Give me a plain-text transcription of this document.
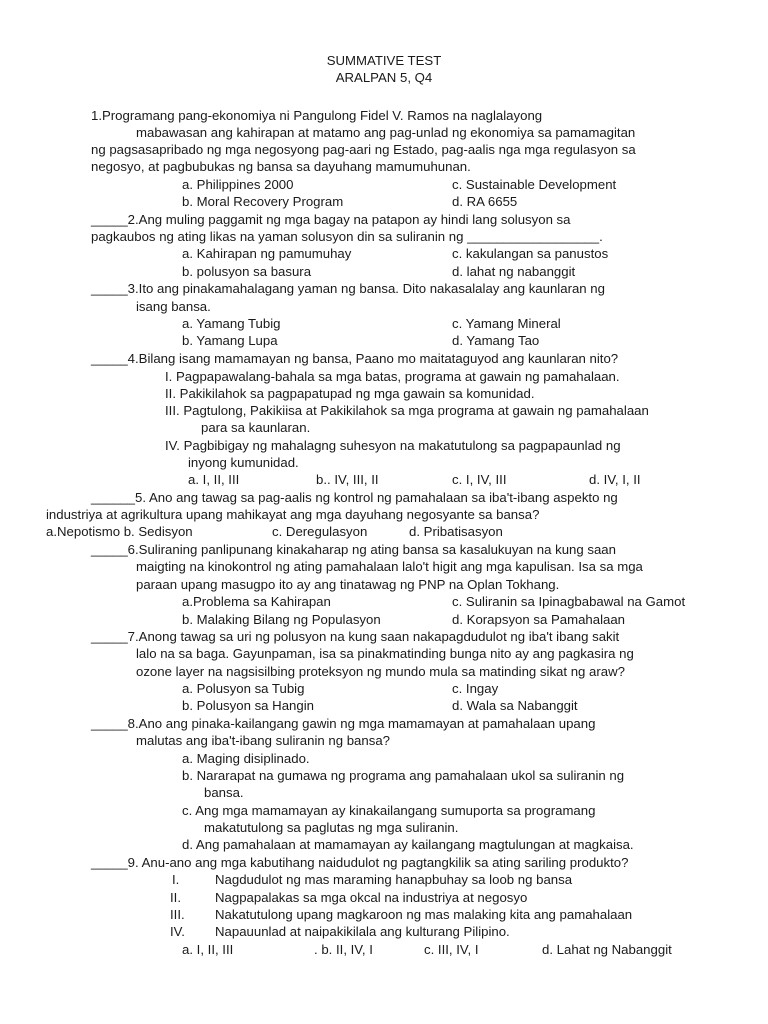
SUMMATIVE TEST
ARALPAN 5, Q4
1.Programang pang-ekonomiya ni Pangulong Fidel V. Ramos na naglalayong
mabawasan ang kahirapan at matamo ang pag-unlad ng ekonomiya sa pamamagitan
ng pagsasapribado ng mga negosyong pag-aari ng Estado, pag-aalis nga mga regulasyon sa
negosyo, at pagbubukas ng bansa sa dayuhang mamumuhunan.
a. Philippines 2000	c. Sustainable Development
b. Moral Recovery Program	d. RA 6655
_____2.Ang muling paggamit ng mga bagay na patapon ay hindi lang solusyon sa
pagkaubos ng ating likas na yaman solusyon din sa suliranin ng __________________.
a. Kahirapan ng pamumuhay	c. kakulangan sa panustos
b. polusyon sa basura	d. lahat ng nabanggit
_____3.Ito ang pinakamahalagang yaman ng bansa. Dito nakasalalay ang kaunlaran ng
isang bansa.
a. Yamang Tubig	c. Yamang Mineral
b. Yamang Lupa	d. Yamang Tao
_____4.Bilang isang mamamayan ng bansa, Paano mo maitataguyod ang kaunlaran nito?
I. Pagpapawalang-bahala sa mga batas, programa at gawain ng pamahalaan.
II. Pakikilahok sa pagpapatupad ng mga gawain sa komunidad.
III. Pagtulong, Pakikiisa at Pakikilahok sa mga programa at gawain ng pamahalaan
para sa kaunlaran.
IV. Pagbibigay ng mahalagng suhesyon na makatutulong sa pagpapaunlad ng
inyong kumunidad.
a. I, II, III	b.. IV, III, II	c. I, IV, III	d. IV, I, II
______5. Ano ang tawag sa pag-aalis ng kontrol ng pamahalaan sa iba't-ibang aspekto ng
industriya at agrikultura upang mahikayat ang mga dayuhang negosyante sa bansa?
a.Nepotismo b. Sedisyon	c. Deregulasyon	d. Pribatisasyon
_____6.Suliraning panlipunang kinakaharap ng ating bansa sa kasalukuyan na kung saan
maigting na kinokontrol ng ating pamahalaan lalo't higit ang mga kapulisan. Isa sa mga
paraan upang masugpo ito ay ang tinatawag ng PNP na Oplan Tokhang.
a.Problema sa Kahirapan	c. Suliranin sa Ipinagbabawal na Gamot
b. Malaking Bilang ng Populasyon	d. Korapsyon sa Pamahalaan
_____7.Anong tawag sa uri ng polusyon na kung saan nakapagdudulot ng iba't ibang sakit
lalo na sa baga. Gayunpaman, isa sa pinakmatinding bunga nito ay ang pagkasira ng
ozone layer na nagsisilbing proteksyon ng mundo mula sa matinding sikat ng araw?
a. Polusyon sa Tubig	c. Ingay
b. Polusyon sa Hangin	d. Wala sa Nabanggit
_____8.Ano ang pinaka-kailangang gawin ng mga mamamayan at pamahalaan upang
malutas ang iba't-ibang suliranin ng bansa?
a. Maging disiplinado.
b. Nararapat na gumawa ng programa ang pamahalaan ukol sa suliranin ng
bansa.
c. Ang mga mamamayan ay kinakailangang sumuporta sa programang
makatutulong sa paglutas ng mga suliranin.
d. Ang pamahalaan at mamamayan ay kailangang magtulungan at magkaisa.
_____9. Anu-ano ang mga kabutihang naidudulot ng pagtangkilik sa ating sariling produkto?
I.	Nagdudulot ng mas maraming hanapbuhay sa loob ng bansa
II.	Nagpapalakas sa mga okcal na industriya at negosyo
III. Nakatutulong upang magkaroon ng mas malaking kita ang pamahalaan
IV. Napauunlad at naipakikilala ang kulturang Pilipino.
a. I, II, III	. b. II, IV, I	c. III, IV, I	d. Lahat ng Nabanggit
